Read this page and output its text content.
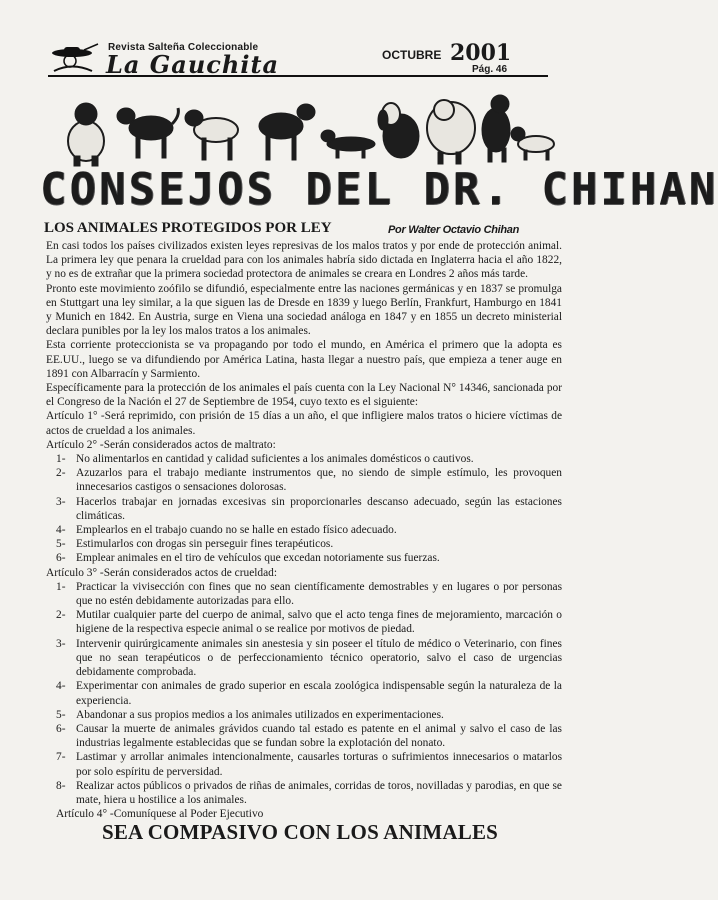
Revista Salteña Coleccionable
La Gauchita	OCTUBRE 2001
Pág. 46
CONSEJOS DEL DR. CHIHAN
LOS ANIMALES PROTEGIDOS POR LEY	Por Walter Octavio Chihan

En casi todos los países civilizados existen leyes represivas de los malos tratos y por ende de protección animal. La primera ley que penara la crueldad para con los animales habría sido dictada en Inglaterra hacia el año 1822, y no es de extrañar que la primera sociedad protectora de animales se creara en Londres 2 años más tarde.

Pronto este movimiento zoófilo se difundió, especialmente entre las naciones germánicas y en 1837 se promulga en Stuttgart una ley similar, a la que siguen las de Dresde en 1839 y luego Berlín, Frankfurt, Hamburgo en 1841 y Munich en 1842. En Austria, surge en Viena una sociedad análoga en 1847 y en 1855 un decreto ministerial declara punibles por la ley los malos tratos a los animales.

Esta corriente proteccionista se va propagando por todo el mundo, en América el primero que la adopta es EE.UU., luego se va difundiendo por América Latina, hasta llegar a nuestro país, que empieza a tener auge en 1891 con Albarracín y Sarmiento.

Específicamente para la protección de los animales el país cuenta con la Ley Nacional N° 14346, sancionada por el Congreso de la Nación el 27 de Septiembre de 1954, cuyo texto es el siguiente:

Artículo 1° -Será reprimido, con prisión de 15 días a un año, el que infligiere malos tratos o hiciere víctimas de actos de crueldad a los animales.

Artículo 2° -Serán considerados actos de maltrato:

1- No alimentarlos en cantidad y calidad suficientes a los animales domésticos o cautivos.

2- Azuzarlos para el trabajo mediante instrumentos que, no siendo de simple estímulo, les provoquen innecesarios castigos o sensaciones dolorosas.

3- Hacerlos trabajar en jornadas excesivas sin proporcionarles descanso adecuado, según las estaciones climáticas.

4- Emplearlos en el trabajo cuando no se halle en estado físico adecuado.

5- Estimularlos con drogas sin perseguir fines terapéuticos.

6- Emplear animales en el tiro de vehículos que excedan notoriamente sus fuerzas.

Artículo 3° -Serán considerados actos de crueldad:

1- Practicar la vivisección con fines que no sean científicamente demostrables y en lugares o por personas que no estén debidamente autorizadas para ello.

2- Mutilar cualquier parte del cuerpo de animal, salvo que el acto tenga fines de mejoramiento, marcación o higiene de la respectiva especie animal o se realice por motivos de piedad.

3- Intervenir quirúrgicamente animales sin anestesia y sin poseer el título de médico o Veterinario, con fines que no sean terapéuticos o de perfeccionamiento técnico operatorio, salvo el caso de urgencias debidamente comprobada.

4- Experimentar con animales de grado superior en escala zoológica indispensable según la naturaleza de la experiencia.

5- Abandonar a sus propios medios a los animales utilizados en experimentaciones.

6- Causar la muerte de animales grávidos cuando tal estado es patente en el animal y salvo el caso de las industrias legalmente establecidas que se fundan sobre la explotación del nonato.

7- Lastimar y arrollar animales intencionalmente, causarles torturas o sufrimientos innecesarios o matarlos por solo espíritu de perversidad.

8- Realizar actos públicos o privados de riñas de animales, corridas de toros, novilladas y parodias, en que se mate, hiera u hostilice a los animales.

Artículo 4° -Comuníquese al Poder Ejecutivo

SEA COMPASIVO CON LOS ANIMALES
